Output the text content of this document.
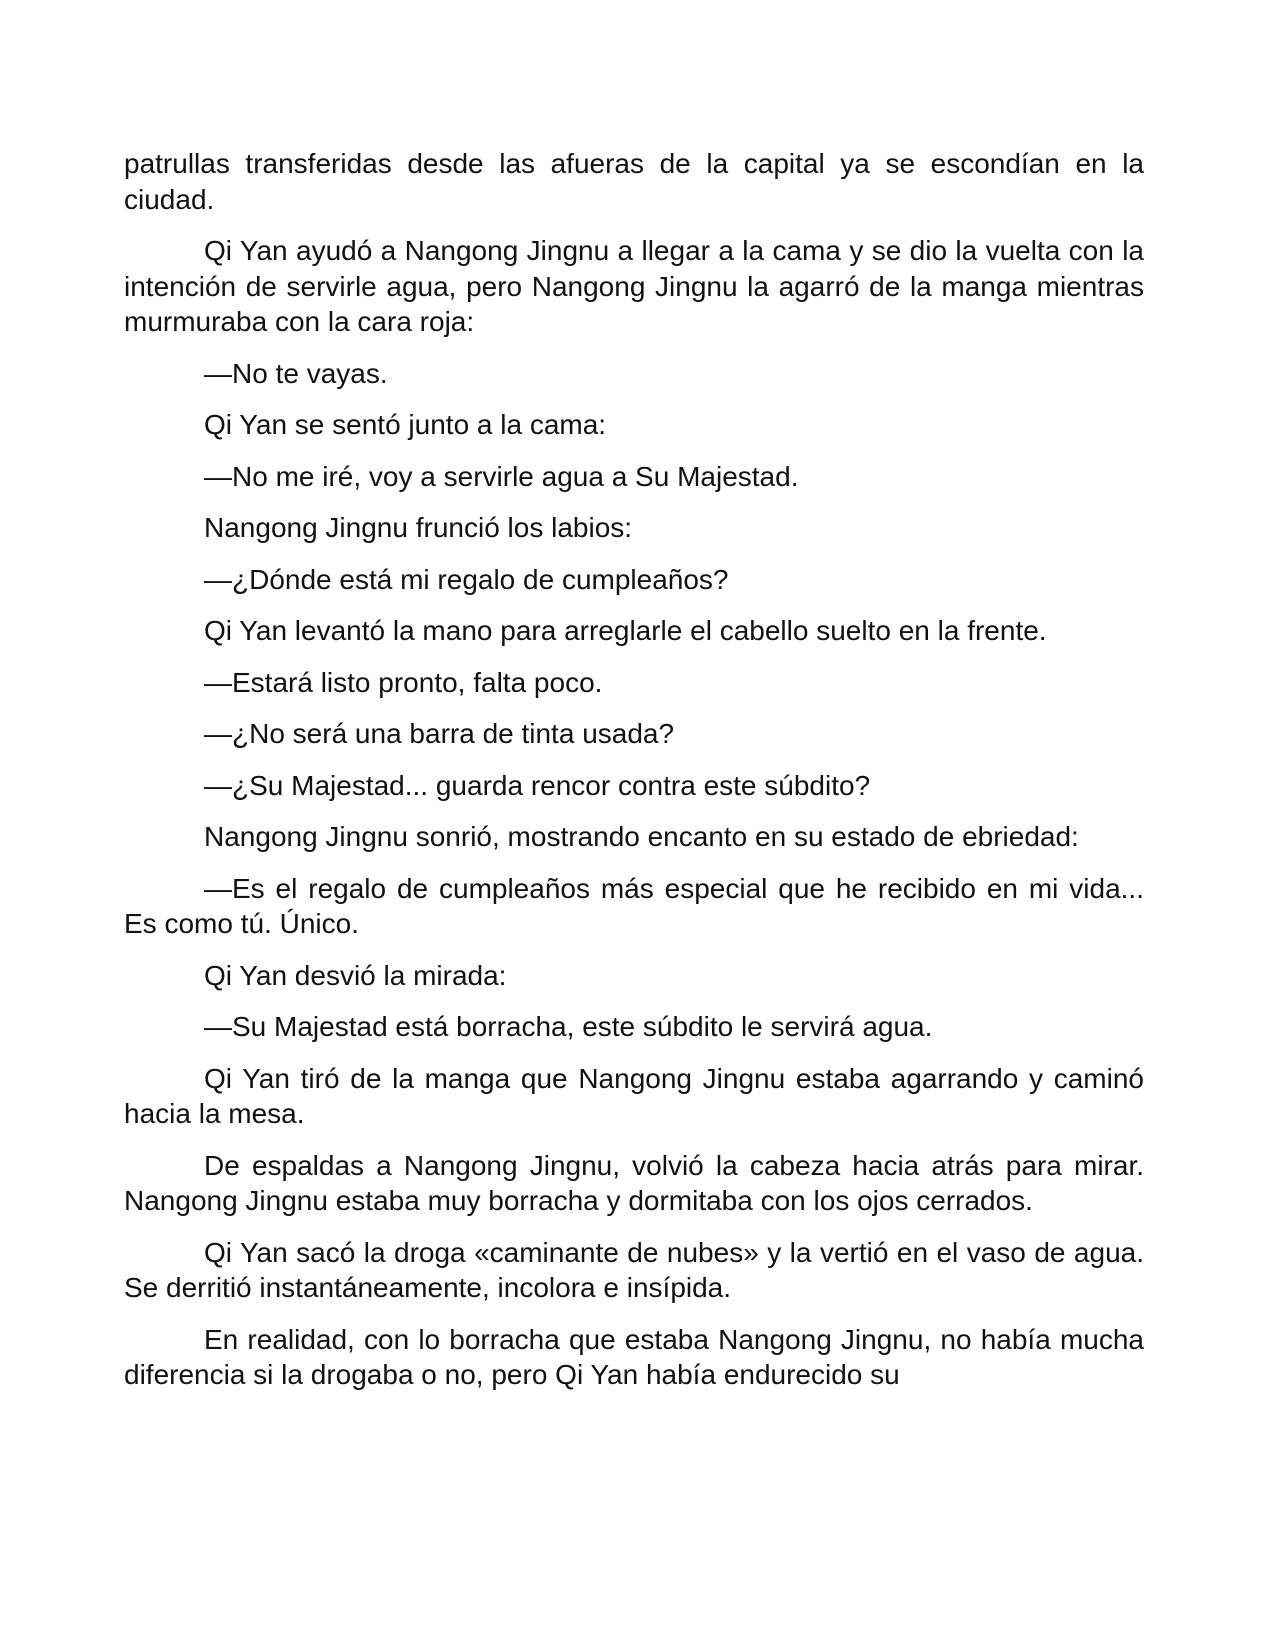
patrullas transferidas desde las afueras de la capital ya se escondían en la ciudad.

Qi Yan ayudó a Nangong Jingnu a llegar a la cama y se dio la vuelta con la intención de servirle agua, pero Nangong Jingnu la agarró de la manga mientras murmuraba con la cara roja:

—No te vayas.

Qi Yan se sentó junto a la cama:

—No me iré, voy a servirle agua a Su Majestad.

Nangong Jingnu frunció los labios:

—¿Dónde está mi regalo de cumpleaños?

Qi Yan levantó la mano para arreglarle el cabello suelto en la frente.

—Estará listo pronto, falta poco.

—¿No será una barra de tinta usada?

—¿Su Majestad... guarda rencor contra este súbdito?

Nangong Jingnu sonrió, mostrando encanto en su estado de ebriedad:

—Es el regalo de cumpleaños más especial que he recibido en mi vida... Es como tú. Único.

Qi Yan desvió la mirada:

—Su Majestad está borracha, este súbdito le servirá agua.

Qi Yan tiró de la manga que Nangong Jingnu estaba agarrando y caminó hacia la mesa.

De espaldas a Nangong Jingnu, volvió la cabeza hacia atrás para mirar. Nangong Jingnu estaba muy borracha y dormitaba con los ojos cerrados.

Qi Yan sacó la droga «caminante de nubes» y la vertió en el vaso de agua. Se derritió instantáneamente, incolora e insípida.

En realidad, con lo borracha que estaba Nangong Jingnu, no había mucha diferencia si la drogaba o no, pero Qi Yan había endurecido su
